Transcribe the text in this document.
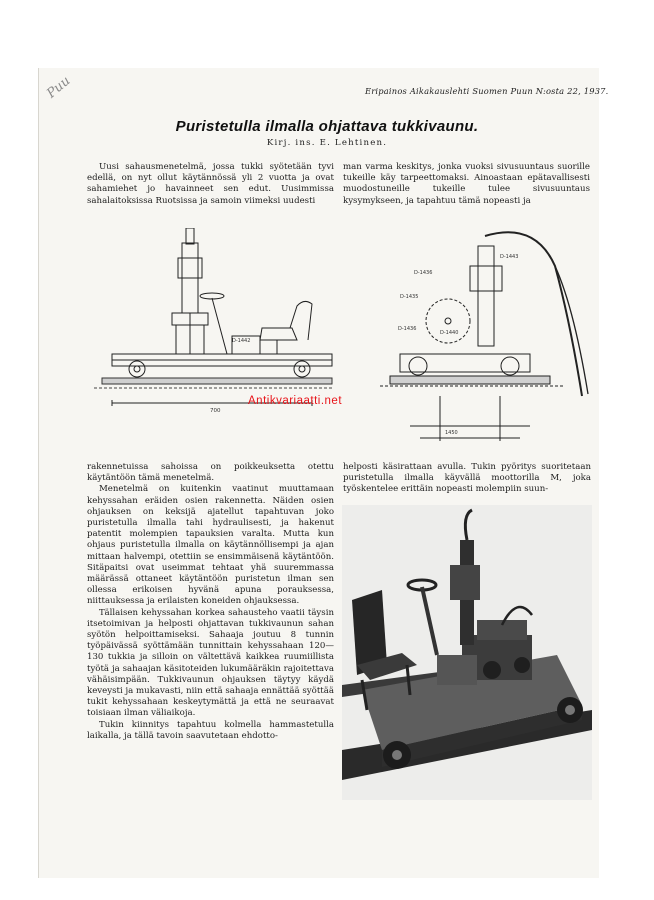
Puu	Eripainos Aikakauslehti Suomen Puun N:osta 22, 1937.
Puristetulla ilmalla ohjattava tukkivaunu.
Kirj. ins. E. Lehtinen.

Uusi sahausmenetelmä, jossa tukki syötetään tyvi edellä, on nyt ollut käytännössä yli 2 vuotta ja ovat sahamiehet jo havainneet sen edut. Uusimmissa sahalaitoksissa Ruotsissa ja samoin viimeksi uudesti

man varma keskitys, jonka vuoksi sivusuuntaus suorille tukeille käy tarpeettomaksi. Ainoastaan epätavallisesti muodostuneille tukeille tulee sivusuuntaus kysymykseen, ja tapahtuu tämä nopeasti ja

D-1442
700
D-1436
D-1435
D-1436
D-1440
D-1443
1450
Antikvariaatti.net

rakennetuissa sahoissa on poikkeuksetta otettu käytäntöön tämä menetelmä.

Menetelmä on kuitenkin vaatinut muuttamaan kehyssahan eräiden osien rakennetta. Näiden osien ohjauksen on keksijä ajatellut tapahtuvan joko puristetulla ilmalla tahi hydraulisesti, ja hakenut patentit molempien tapauksien varalta. Mutta kun ohjaus puristetulla ilmalla on käytännöllisempi ja ajan mittaan halvempi, otettiin se ensimmäisenä käytäntöön. Sitäpaitsi ovat useimmat tehtaat yhä suuremmassa määrässä ottaneet käytäntöön puristetun ilman sen ollessa erikoisen hyvänä apuna porauksessa, niittauksessa ja erilaisten koneiden ohjauksessa.

Tällaisen kehyssahan korkea sahausteho vaatii täysin itsetoimivan ja helposti ohjattavan tukkivaunun sahan syötön helpoittamiseksi. Sahaaja joutuu 8 tunnin työpäivässä syöttämään tunnittain kehyssahaan 120—130 tukkia ja silloin on vältettävä kaikkea ruumiillista työtä ja sahaajan käsitoteiden lukumääräkin rajoitettava vähäisimpään. Tukkivaunun ohjauksen täytyy käydä keveysti ja mukavasti, niin että sahaaja ennättää syöttää tukit kehyssahaan keskeytymättä ja että ne seuraavat toisiaan ilman väliaikoja.

Tukin kiinnitys tapahtuu kolmella hammastetulla laikalla, ja tällä tavoin saavutetaan ehdotto-

helposti käsirattaan avulla. Tukin pyöritys suoritetaan puristetulla ilmalla käyvällä moottorilla M, joka työskentelee erittäin nopeasti molempiin suun-
